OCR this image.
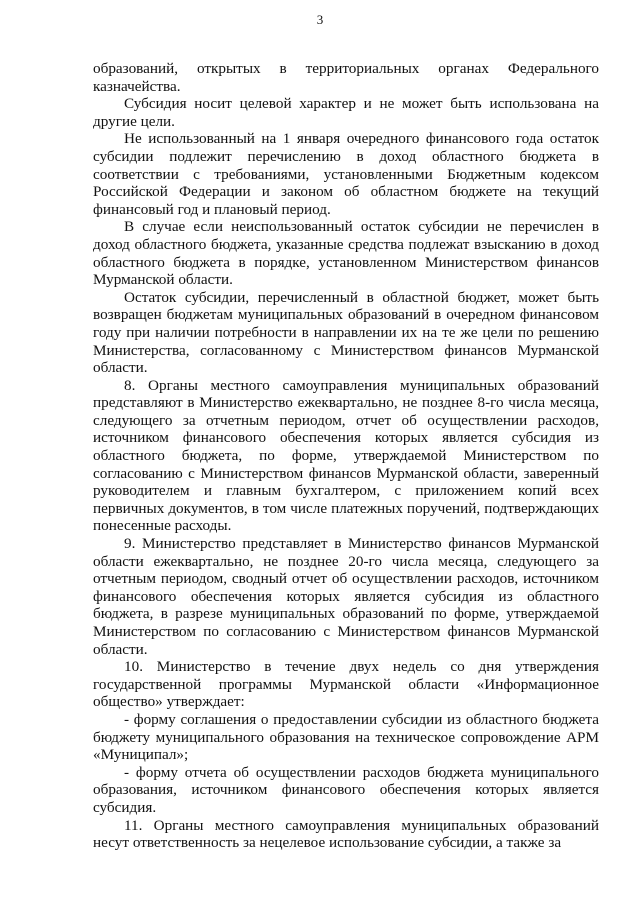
3

образований, открытых в территориальных органах Федерального казначейства.

Субсидия носит целевой характер и не может быть использована на другие цели.

Не использованный на 1 января очередного финансового года остаток субсидии подлежит перечислению в доход областного бюджета в соответствии с требованиями, установленными Бюджетным кодексом Российской Федерации и законом об областном бюджете на текущий финансовый год и плановый период.

В случае если неиспользованный остаток субсидии не перечислен в доход областного бюджета, указанные средства подлежат взысканию в доход областного бюджета в порядке, установленном Министерством финансов Мурманской области.

Остаток субсидии, перечисленный в областной бюджет, может быть возвращен бюджетам муниципальных образований в очередном финансовом году при наличии потребности в направлении их на те же цели по решению Министерства, согласованному с Министерством финансов Мурманской области.

8. Органы местного самоуправления муниципальных образований представляют в Министерство ежеквартально, не позднее 8-го числа месяца, следующего за отчетным периодом, отчет об осуществлении расходов, источником финансового обеспечения которых является субсидия из областного бюджета, по форме, утверждаемой Министерством по согласованию с Министерством финансов Мурманской области, заверенный руководителем и главным бухгалтером, с приложением копий всех первичных документов, в том числе платежных поручений, подтверждающих понесенные расходы.

9. Министерство представляет в Министерство финансов Мурманской области ежеквартально, не позднее 20-го числа месяца, следующего за отчетным периодом, сводный отчет об осуществлении расходов, источником финансового обеспечения которых является субсидия из областного бюджета, в разрезе муниципальных образований по форме, утверждаемой Министерством по согласованию с Министерством финансов Мурманской области.

10. Министерство в течение двух недель со дня утверждения государственной программы Мурманской области «Информационное общество» утверждает:

- форму соглашения о предоставлении субсидии из областного бюджета бюджету муниципального образования на техническое сопровождение АРМ «Муниципал»;

- форму отчета об осуществлении расходов бюджета муниципального образования, источником финансового обеспечения которых является субсидия.

11. Органы местного самоуправления муниципальных образований несут ответственность за нецелевое использование субсидии, а также за
